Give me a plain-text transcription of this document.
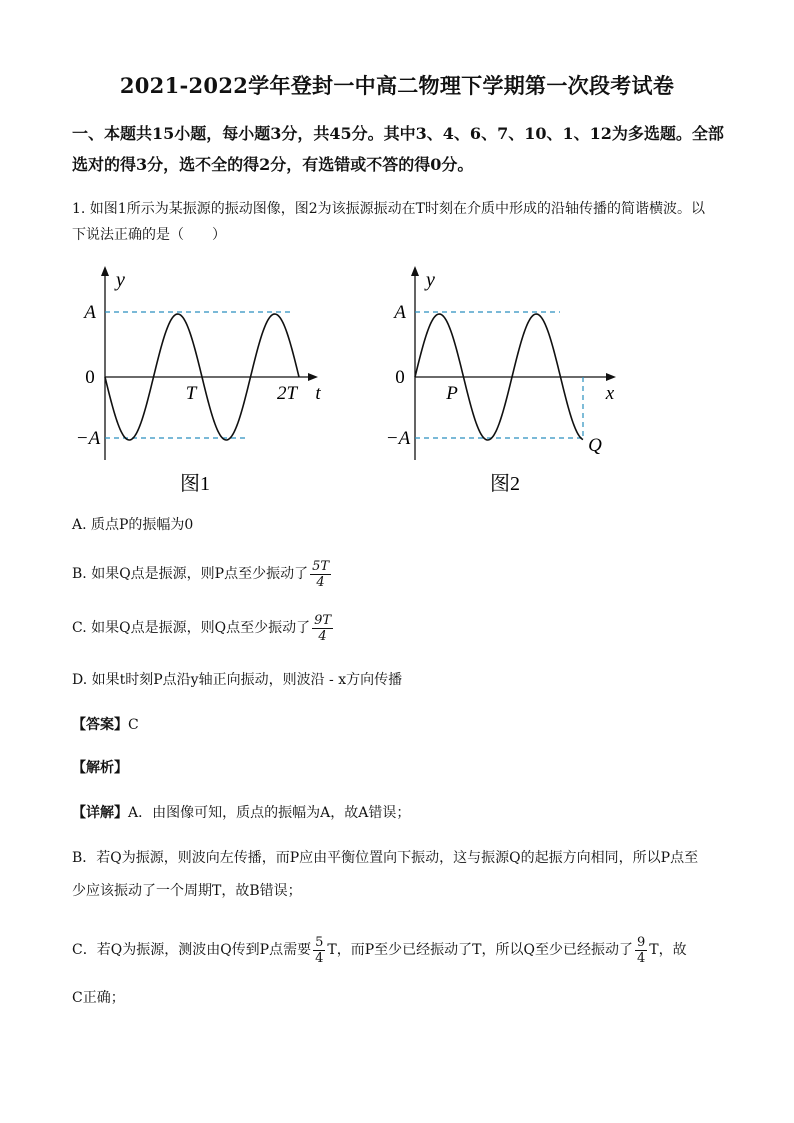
2021-2022学年登封一中高二物理下学期第一次段考试卷
一、本题共15小题，每小题3分，共45分。其中3、4、6、7、10、1、12为多选题。全部
选对的得3分，选不全的得2分，有选错或不答的得0分。
1. 如图1所示为某振源的振动图像，图2为该振源振动在T时刻在介质中形成的沿轴传播的简谐横波。以
下说法正确的是（　　）
y
A
0
−A
T	2T t
图1
y
A
0
−A
P	x
Q
图2
A. 质点P的振幅为0
B. 如果Q点是振源，则P点至少振动了 $\frac{5T}{4}$
C. 如果Q点是振源，则Q点至少振动了 $\frac{9T}{4}$
D. 如果t时刻P点沿y轴正向振动，则波沿 - x方向传播
【答案】C
【解析】
【详解】A．由图像可知，质点的振幅为A，故A错误；
B．若Q为振源，则波向左传播，而P应由平衡位置向下振动，这与振源Q的起振方向相同，所以P点至
少应该振动了一个周期T，故B错误；
C．若Q为振源，测波由Q传到P点需要 $\frac{5}{4}$ T，而P至少已经振动了T，所以Q至少已经振动了 $\frac{9}{4}$ T，故
C正确；
